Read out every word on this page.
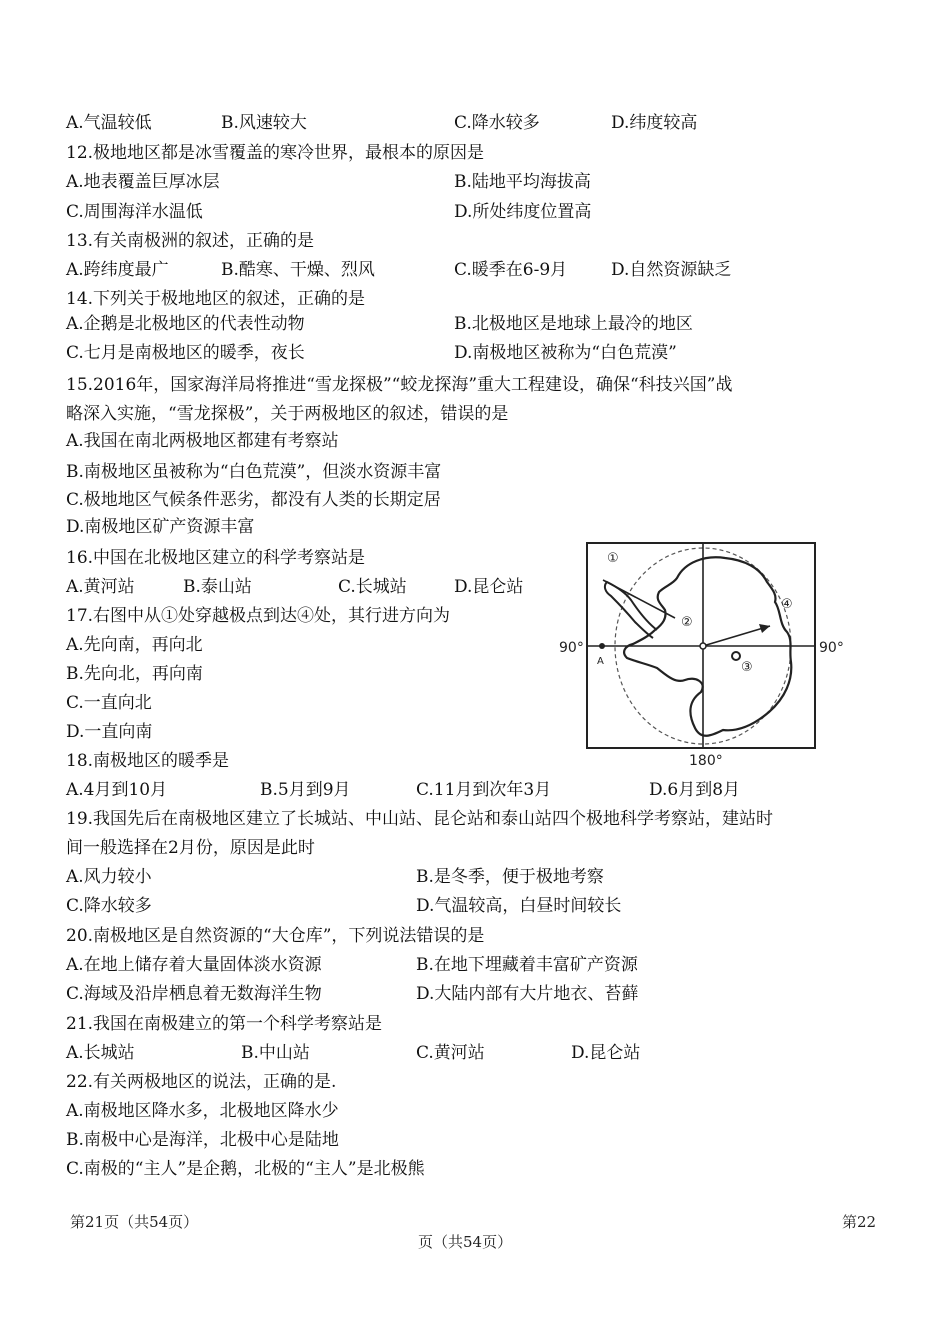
A.气温较低	B.风速较大	C.降水较多	D.纬度较高
12.极地地区都是冰雪覆盖的寒冷世界，最根本的原因是
A.地表覆盖巨厚冰层	B.陆地平均海拔高
C.周围海洋水温低	D.所处纬度位置高
13.有关南极洲的叙述，正确的是
A.跨纬度最广	B.酷寒、干燥、烈风	C.暖季在6-9月	D.自然资源缺乏
14.下列关于极地地区的叙述，正确的是
A.企鹅是北极地区的代表性动物	B.北极地区是地球上最冷的地区
C.七月是南极地区的暖季，夜长	D.南极地区被称为“白色荒漠”
15.2016年，国家海洋局将推进“雪龙探极”“蛟龙探海”重大工程建设，确保“科技兴国”战
略深入实施，“雪龙探极”，关于两极地区的叙述，错误的是
A.我国在南北两极地区都建有考察站
B.南极地区虽被称为“白色荒漠”，但淡水资源丰富
C.极地地区气候条件恶劣，都没有人类的长期定居
D.南极地区矿产资源丰富
16.中国在北极地区建立的科学考察站是
A.黄河站	B.泰山站	C.长城站	D.昆仑站
17.右图中从①处穿越极点到达④处，其行进方向为
A.先向南，再向北
B.先向北，再向南
C.一直向北
D.一直向南
18.南极地区的暖季是
A.4月到10月	B.5月到9月	C.11月到次年3月	D.6月到8月
19.我国先后在南极地区建立了长城站、中山站、昆仑站和泰山站四个极地科学考察站，建站时
间一般选择在2月份，原因是此时
A.风力较小	B.是冬季，便于极地考察
C.降水较多	D.气温较高，白昼时间较长
20.南极地区是自然资源的“大仓库”，下列说法错误的是
A.在地上储存着大量固体淡水资源	B.在地下埋藏着丰富矿产资源
C.海域及沿岸栖息着无数海洋生物	D.大陆内部有大片地衣、苔藓
21.我国在南极建立的第一个科学考察站是
A.长城站	B.中山站	C.黄河站	D.昆仑站
22.有关两极地区的说法，正确的是.
A.南极地区降水多，北极地区降水少
B.南极中心是海洋，北极中心是陆地
C.南极的“主人”是企鹅，北极的“主人”是北极熊
90°	90°
180°
A
①
②
③
④
第21页（共54页）	第22
页（共54页）
